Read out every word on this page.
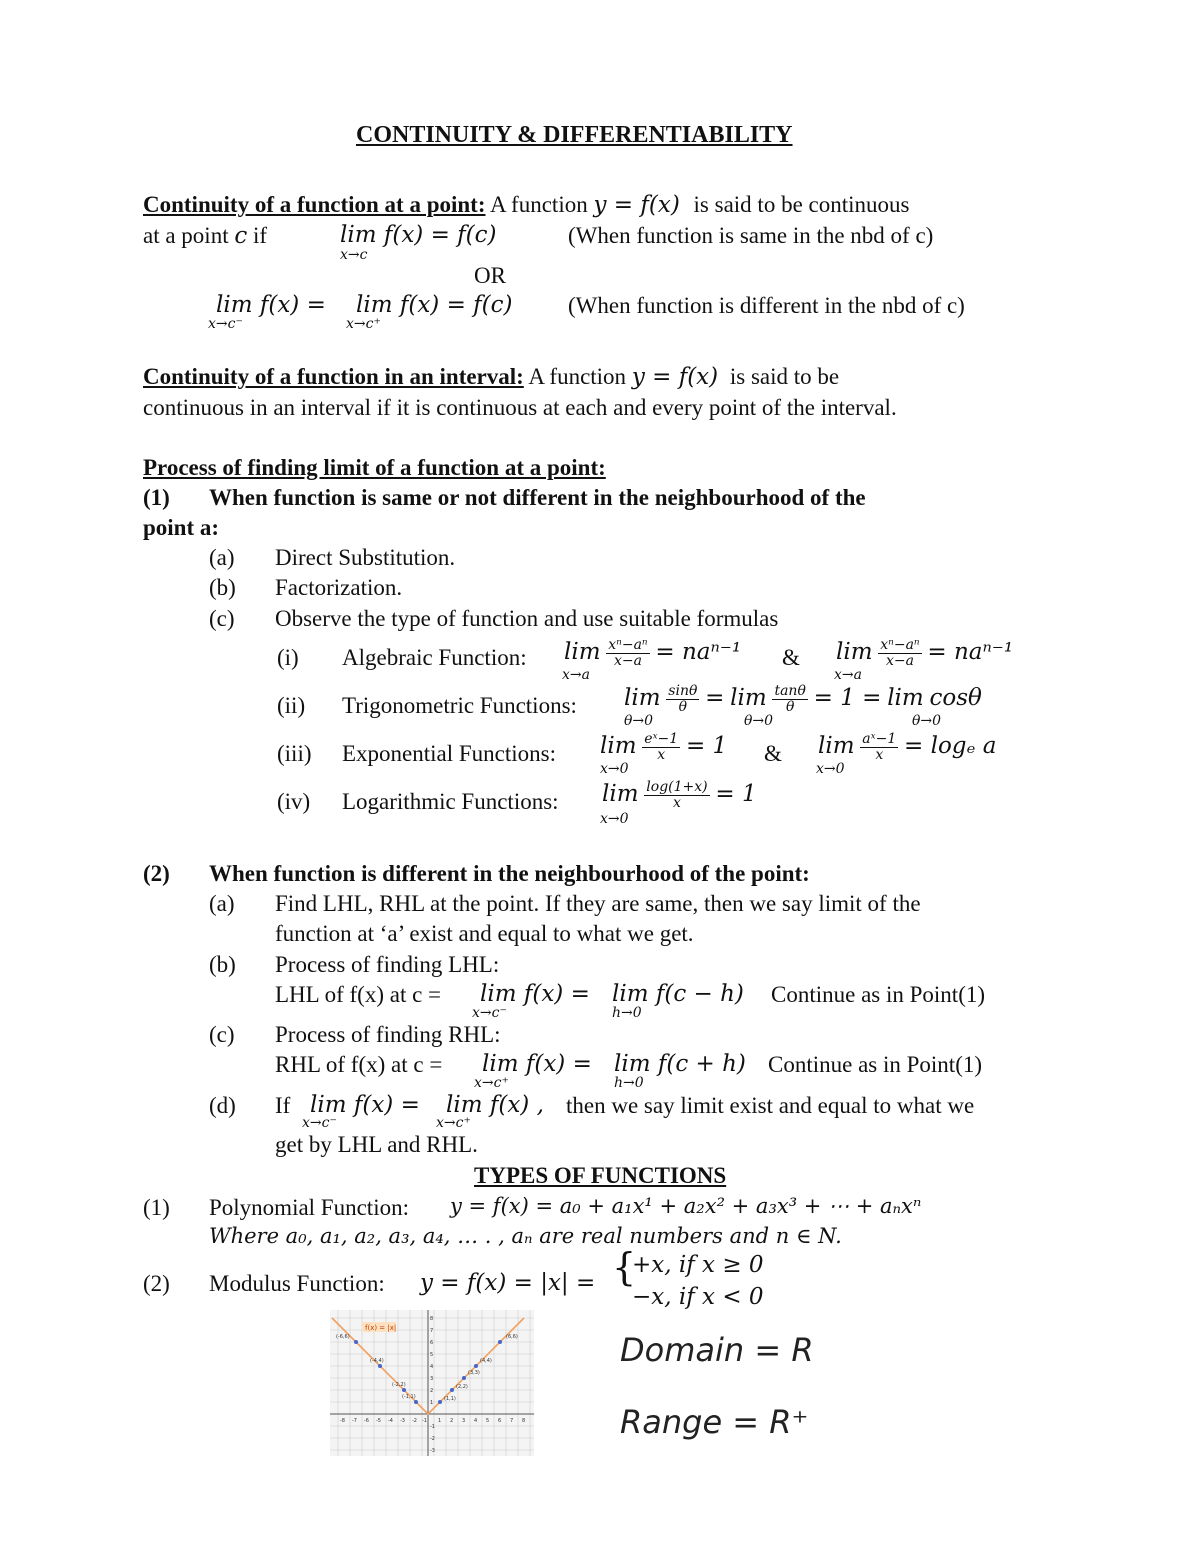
CONTINUITY & DIFFERENTIABILITY
Continuity of a function at a point: A function y = f(x) is said to be continuous
at a point c if	lim f(x) = f(c)
x→c
(When function is same in the nbd of c)
OR
lim f(x) =
x→c⁻
lim f(x) = f(c)
x→c⁺
(When function is different in the nbd of c)
Continuity of a function in an interval: A function y = f(x) is said to be
continuous in an interval if it is continuous at each and every point of the interval.
Process of finding limit of a function at a point:
(1) When function is same or not different in the neighbourhood of the
point a:
(a) Direct Substitution.
(b) Factorization.
(c) Observe the type of function and use suitable formulas
(i) Algebraic Function: $\lim \frac{\text{xⁿ−aⁿ}}{x-a} = na^{n-1}$
x→a
& $\lim \frac{\text{xⁿ−aⁿ}}{x-a} = na^{n-1}$
x→a
(ii) Trigonometric Functions: $\lim \frac{\sin\theta}{\theta} = \lim \frac{\tan\theta}{\theta} = 1 = \lim \cos\theta$
θ→0	θ→0	θ→0
(iii) Exponential Functions: $\lim \frac{\text{eˣ−1}}{x} = 1$
x→0
& $\lim \frac{\text{aˣ−1}}{x} = \log_e$ a
x→0
(iv) Logarithmic Functions: $\lim \frac{\log(1+x)}{x} = 1$
x→0
(2) When function is different in the neighbourhood of the point:
(a) Find LHL, RHL at the point. If they are same, then we say limit of the
function at ‘a’ exist and equal to what we get.
(b) Process of finding LHL:
LHL of f(x) at c = lim f(x) =
x→c⁻
lim f(c − h)
h→0
Continue as in Point(1)
(c) Process of finding RHL:
RHL of f(x) at c = lim f(x) =
x→c⁺
lim f(c + h)
h→0
Continue as in Point(1)
(d) If lim f(x) =
x→c⁻
lim f(x) ,
x→c⁺
then we say limit exist and equal to what we
get by LHL and RHL.
TYPES OF FUNCTIONS
(1) Polynomial Function: y = f(x) = a₀ + a₁x¹ + a₂x² + a₃x³ + ⋯ + aₙxⁿ
Where a₀, a₁, a₂, a₃, a₄, … . , aₙ are real numbers and n ∈ N.
(2) Modulus Function: y = f(x) = |x| = {
+x, if x ≥ 0
−x, if x < 0
f(x) = |x|
(-6,6)
(-4,4)
(-2,2)
(-1,1)
(6,6)
(4,4)
(3,3)
(2,2)
(1,1)
-8 -7 -6 -5 -4 -3 -2 -1 1 2 3 4 5 6 7 8
8
7
6
5
4
3
2
1
-1
-2
-3
Domain = R
Range = R⁺
